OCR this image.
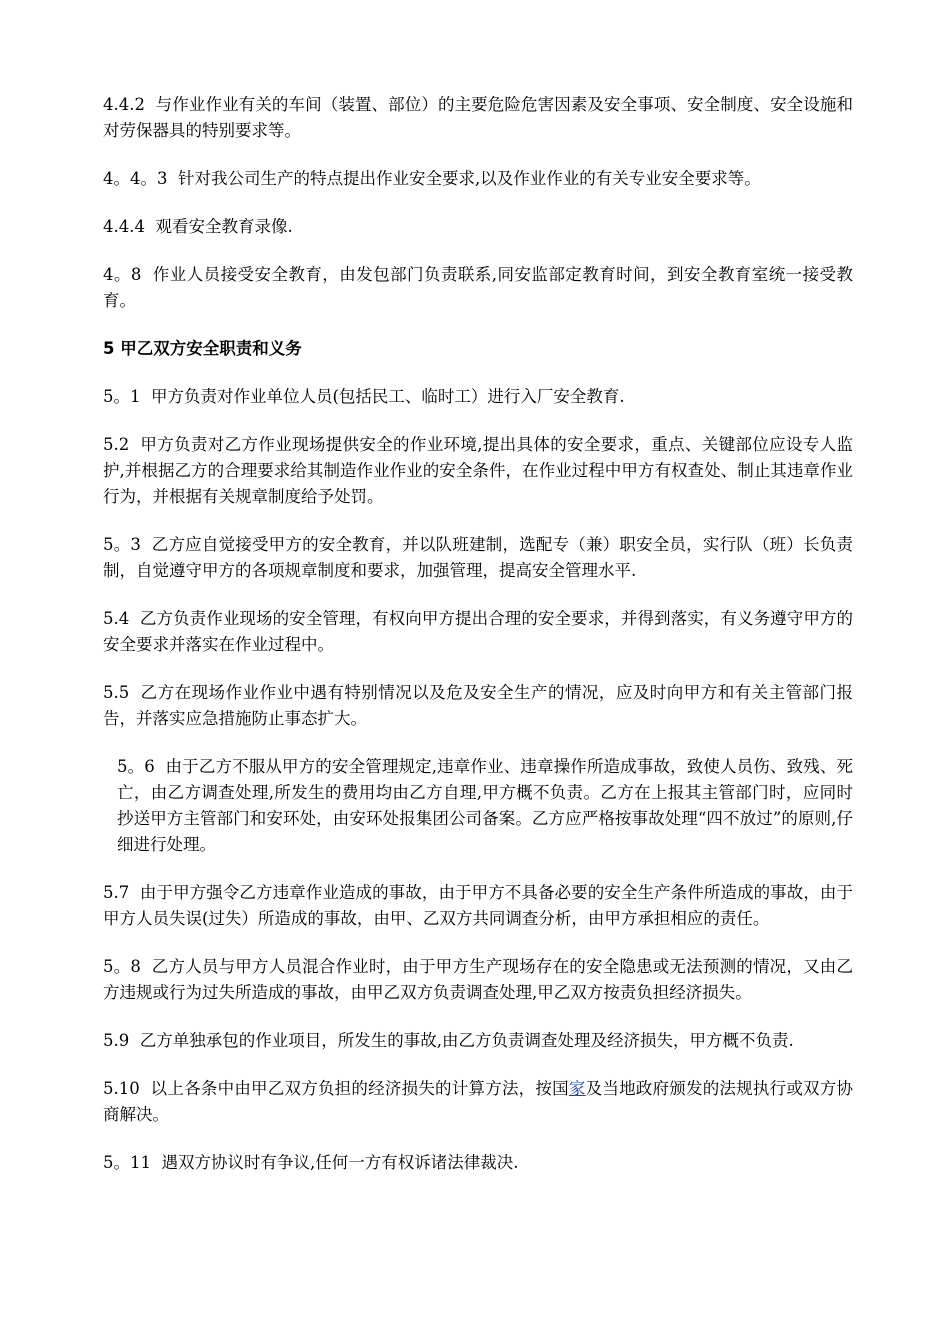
4.4.2  与作业作业有关的车间（装置、部位）的主要危险危害因素及安全事项、安全制度、安全设施和对劳保器具的特别要求等。

4。4。3  针对我公司生产的特点提出作业安全要求,以及作业作业的有关专业安全要求等。

4.4.4  观看安全教育录像.

4。8  作业人员接受安全教育，由发包部门负责联系,同安监部定教育时间，到安全教育室统一接受教育。

5 甲乙双方安全职责和义务

5。1  甲方负责对作业单位人员(包括民工、临时工）进行入厂安全教育.

5.2  甲方负责对乙方作业现场提供安全的作业环境,提出具体的安全要求，重点、关键部位应设专人监护,并根据乙方的合理要求给其制造作业作业的安全条件，在作业过程中甲方有权查处、制止其违章作业行为，并根据有关规章制度给予处罚。

5。3  乙方应自觉接受甲方的安全教育，并以队班建制，选配专（兼）职安全员，实行队（班）长负责制，自觉遵守甲方的各项规章制度和要求，加强管理，提高安全管理水平.

5.4  乙方负责作业现场的安全管理，有权向甲方提出合理的安全要求，并得到落实，有义务遵守甲方的安全要求并落实在作业过程中。

5.5  乙方在现场作业作业中遇有特别情况以及危及安全生产的情况，应及时向甲方和有关主管部门报告，并落实应急措施防止事态扩大。

5。6  由于乙方不服从甲方的安全管理规定,违章作业、违章操作所造成事故，致使人员伤、致残、死亡，由乙方调查处理,所发生的费用均由乙方自理,甲方概不负责。乙方在上报其主管部门时，应同时抄送甲方主管部门和安环处，由安环处报集团公司备案。乙方应严格按事故处理“四不放过”的原则,仔细进行处理。

5.7  由于甲方强令乙方违章作业造成的事故，由于甲方不具备必要的安全生产条件所造成的事故，由于甲方人员失误(过失）所造成的事故，由甲、乙双方共同调查分析，由甲方承担相应的责任。

5。8  乙方人员与甲方人员混合作业时，由于甲方生产现场存在的安全隐患或无法预测的情况，又由乙方违规或行为过失所造成的事故，由甲乙双方负责调查处理,甲乙双方按责负担经济损失。

5.9  乙方单独承包的作业项目，所发生的事故,由乙方负责调查处理及经济损失，甲方概不负责.

5.10  以上各条中由甲乙双方负担的经济损失的计算方法，按国家及当地政府颁发的法规执行或双方协商解决。

5。11  遇双方协议时有争议,任何一方有权诉诸法律裁决.
